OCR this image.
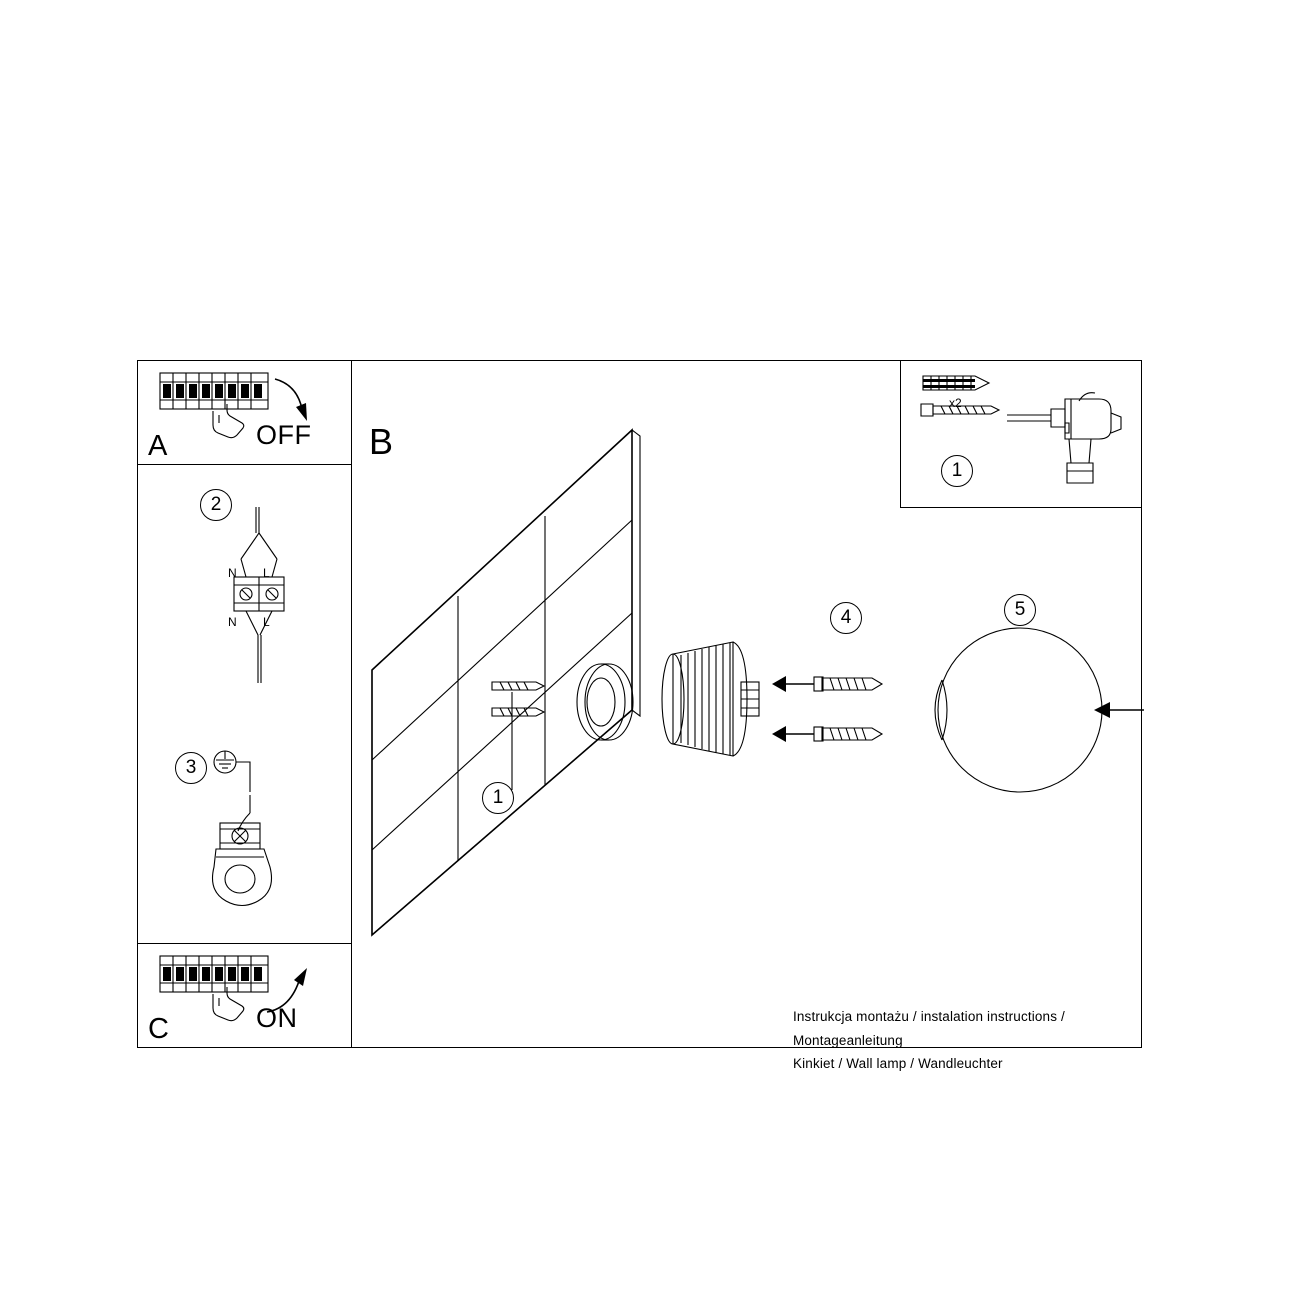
A	OFF B
2
N L
N L
3
C	ON
x2
1
1
4	5
Instrukcja montażu / instalation instructions / Montageanleitung
Kinkiet / Wall lamp / Wandleuchter
